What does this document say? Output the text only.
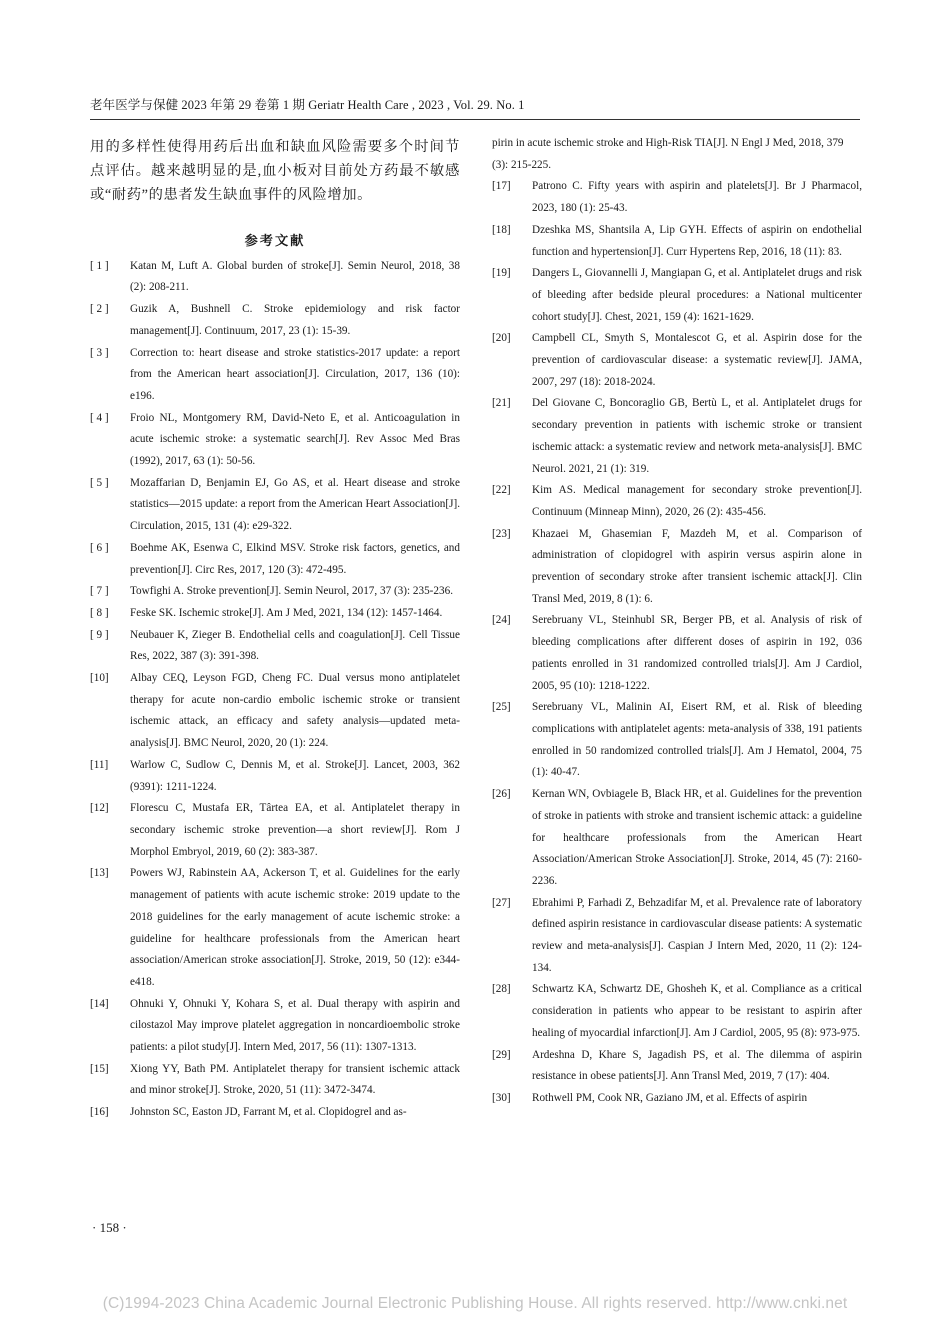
老年医学与保健 2023 年第 29 卷第 1 期 Geriatr Health Care , 2023 , Vol. 29. No. 1
用的多样性使得用药后出血和缺血风险需要多个时间节点评估。越来越明显的是,血小板对目前处方药最不敏感或“耐药”的患者发生缺血事件的风险增加。
参考文献
[ 1 ]	Katan M, Luft A. Global burden of stroke[J]. Semin Neurol, 2018, 38 (2): 208-211.
[ 2 ]	Guzik A, Bushnell C. Stroke epidemiology and risk factor management[J]. Continuum, 2017, 23 (1): 15-39.
[ 3 ]	Correction to: heart disease and stroke statistics-2017 update: a report from the American heart association[J]. Circulation, 2017, 136 (10): e196.
[ 4 ]	Froio NL, Montgomery RM, David-Neto E, et al. Anticoagulation in acute ischemic stroke: a systematic search[J]. Rev Assoc Med Bras (1992), 2017, 63 (1): 50-56.
[ 5 ]	Mozaffarian D, Benjamin EJ, Go AS, et al. Heart disease and stroke statistics—2015 update: a report from the American Heart Association[J]. Circulation, 2015, 131 (4): e29-322.
[ 6 ]	Boehme AK, Esenwa C, Elkind MSV. Stroke risk factors, genetics, and prevention[J]. Circ Res, 2017, 120 (3): 472-495.
[ 7 ]	Towfighi A. Stroke prevention[J]. Semin Neurol, 2017, 37 (3): 235-236.
[ 8 ]	Feske SK. Ischemic stroke[J]. Am J Med, 2021, 134 (12): 1457-1464.
[ 9 ]	Neubauer K, Zieger B. Endothelial cells and coagulation[J]. Cell Tissue Res, 2022, 387 (3): 391-398.
[10]	Albay CEQ, Leyson FGD, Cheng FC. Dual versus mono antiplatelet therapy for acute non-cardio embolic ischemic stroke or transient ischemic attack, an efficacy and safety analysis—updated meta-analysis[J]. BMC Neurol, 2020, 20 (1): 224.
[11]	Warlow C, Sudlow C, Dennis M, et al. Stroke[J]. Lancet, 2003, 362 (9391): 1211-1224.
[12]	Florescu C, Mustafa ER, Târtea EA, et al. Antiplatelet therapy in secondary ischemic stroke prevention—a short review[J]. Rom J Morphol Embryol, 2019, 60 (2): 383-387.
[13]	Powers WJ, Rabinstein AA, Ackerson T, et al. Guidelines for the early management of patients with acute ischemic stroke: 2019 update to the 2018 guidelines for the early management of acute ischemic stroke: a guideline for healthcare professionals from the American heart association/American stroke association[J]. Stroke, 2019, 50 (12): e344-e418.
[14]	Ohnuki Y, Ohnuki Y, Kohara S, et al. Dual therapy with aspirin and cilostazol May improve platelet aggregation in noncardioembolic stroke patients: a pilot study[J]. Intern Med, 2017, 56 (11): 1307-1313.
[15]	Xiong YY, Bath PM. Antiplatelet therapy for transient ischemic attack and minor stroke[J]. Stroke, 2020, 51 (11): 3472-3474.
[16]	Johnston SC, Easton JD, Farrant M, et al. Clopidogrel and as-
pirin in acute ischemic stroke and High-Risk TIA[J]. N Engl J Med, 2018, 379 (3): 215-225.
[17]	Patrono C. Fifty years with aspirin and platelets[J]. Br J Pharmacol, 2023, 180 (1): 25-43.
[18]	Dzeshka MS, Shantsila A, Lip GYH. Effects of aspirin on endothelial function and hypertension[J]. Curr Hypertens Rep, 2016, 18 (11): 83.
[19]	Dangers L, Giovannelli J, Mangiapan G, et al. Antiplatelet drugs and risk of bleeding after bedside pleural procedures: a National multicenter cohort study[J]. Chest, 2021, 159 (4): 1621-1629.
[20]	Campbell CL, Smyth S, Montalescot G, et al. Aspirin dose for the prevention of cardiovascular disease: a systematic review[J]. JAMA, 2007, 297 (18): 2018-2024.
[21]	Del Giovane C, Boncoraglio GB, Bertù L, et al. Antiplatelet drugs for secondary prevention in patients with ischemic stroke or transient ischemic attack: a systematic review and network meta-analysis[J]. BMC Neurol. 2021, 21 (1): 319.
[22]	Kim AS. Medical management for secondary stroke prevention[J]. Continuum (Minneap Minn), 2020, 26 (2): 435-456.
[23]	Khazaei M, Ghasemian F, Mazdeh M, et al. Comparison of administration of clopidogrel with aspirin versus aspirin alone in prevention of secondary stroke after transient ischemic attack[J]. Clin Transl Med, 2019, 8 (1): 6.
[24]	Serebruany VL, Steinhubl SR, Berger PB, et al. Analysis of risk of bleeding complications after different doses of aspirin in 192, 036 patients enrolled in 31 randomized controlled trials[J]. Am J Cardiol, 2005, 95 (10): 1218-1222.
[25]	Serebruany VL, Malinin AI, Eisert RM, et al. Risk of bleeding complications with antiplatelet agents: meta-analysis of 338, 191 patients enrolled in 50 randomized controlled trials[J]. Am J Hematol, 2004, 75 (1): 40-47.
[26]	Kernan WN, Ovbiagele B, Black HR, et al. Guidelines for the prevention of stroke in patients with stroke and transient ischemic attack: a guideline for healthcare professionals from the American Heart Association/American Stroke Association[J]. Stroke, 2014, 45 (7): 2160-2236.
[27]	Ebrahimi P, Farhadi Z, Behzadifar M, et al. Prevalence rate of laboratory defined aspirin resistance in cardiovascular disease patients: A systematic review and meta-analysis[J]. Caspian J Intern Med, 2020, 11 (2): 124-134.
[28]	Schwartz KA, Schwartz DE, Ghosheh K, et al. Compliance as a critical consideration in patients who appear to be resistant to aspirin after healing of myocardial infarction[J]. Am J Cardiol, 2005, 95 (8): 973-975.
[29]	Ardeshna D, Khare S, Jagadish PS, et al. The dilemma of aspirin resistance in obese patients[J]. Ann Transl Med, 2019, 7 (17): 404.
[30]	Rothwell PM, Cook NR, Gaziano JM, et al. Effects of aspirin
· 158 ·
(C)1994-2023 China Academic Journal Electronic Publishing House. All rights reserved. http://www.cnki.net
